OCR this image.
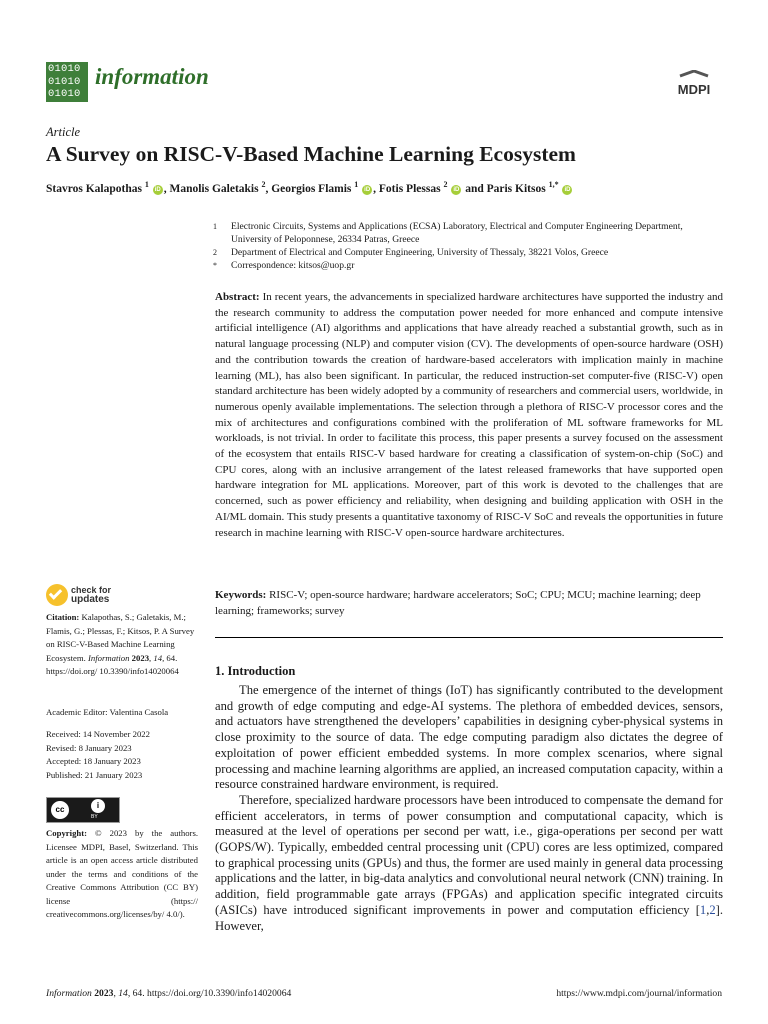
01010
01010
01010
information
MDPI
Article
A Survey on RISC-V-Based Machine Learning Ecosystem
Stavros Kalapothas $^1$ iD , Manolis Galetakis $^2$, Georgios Flamis $^1$ iD , Fotis Plessas $^2$ iD and Paris Kitsos $^{1,*}$ iD
1	Electronic Circuits, Systems and Applications (ECSA) Laboratory, Electrical and Computer Engineering Department, University of Peloponnese, 26334 Patras, Greece
2	Department of Electrical and Computer Engineering, University of Thessaly, 38221 Volos, Greece
*	Correspondence: kitsos@uop.gr
Abstract: In recent years, the advancements in specialized hardware architectures have supported the industry and the research community to address the computation power needed for more enhanced and compute intensive artificial intelligence (AI) algorithms and applications that have already reached a substantial growth, such as in natural language processing (NLP) and computer vision (CV). The developments of open-source hardware (OSH) and the contribution towards the creation of hardware-based accelerators with implication mainly in machine learning (ML), has also been significant. In particular, the reduced instruction-set computer-five (RISC-V) open standard architecture has been widely adopted by a community of researchers and commercial users, worldwide, in numerous openly available implementations. The selection through a plethora of RISC-V processor cores and the mix of architectures and configurations combined with the proliferation of ML software frameworks for ML workloads, is not trivial. In order to facilitate this process, this paper presents a survey focused on the assessment of the ecosystem that entails RISC-V based hardware for creating a classification of system-on-chip (SoC) and CPU cores, along with an inclusive arrangement of the latest released frameworks that have supported open hardware integration for ML applications. Moreover, part of this work is devoted to the challenges that are concerned, such as power efficiency and reliability, when designing and building application with OSH in the AI/ML domain. This study presents a quantitative taxonomy of RISC-V SoC and reveals the opportunities in future research in machine learning with RISC-V open-source hardware architectures.
Keywords: RISC-V; open-source hardware; hardware accelerators; SoC; CPU; MCU; machine learning; deep learning; frameworks; survey
1. Introduction

The emergence of the internet of things (IoT) has significantly contributed to the development and growth of edge computing and edge-AI systems. The plethora of embedded devices, sensors, and actuators have strengthened the developers’ capabilities in designing cyber-physical systems in close proximity to the source of data. The edge computing paradigm also dictates the degree of exploitation of power efficient embedded systems. In more complex scenarios, where signal processing and machine learning algorithms are applied, an increased computation capacity, within a resource constrained hardware environment, is required.

Therefore, specialized hardware processors have been introduced to compensate the demand for efficient accelerators, in terms of power consumption and computational capacity, which is measured at the level of operations per second per watt, i.e., giga-operations per second per watt (GOPS/W). Typically, embedded central processing unit (CPU) cores are less optimized, compared to graphical processing units (GPUs) and thus, the former are used mainly in general data processing applications and the latter, in big-data analytics and convolutional neural network (CNN) training. In addition, field programmable gate arrays (FPGAs) and application specific integrated circuits (ASICs) have introduced significant improvements in power and computation efficiency [1,2]. However,

check for
updates
Citation: Kalapothas, S.; Galetakis, M.; Flamis, G.; Plessas, F.; Kitsos, P. A Survey on RISC-V-Based Machine Learning Ecosystem. Information 2023, 14, 64. https://doi.org/ 10.3390/info14020064
Academic Editor: Valentina Casola
Received: 14 November 2022
Revised: 8 January 2023
Accepted: 18 January 2023
Published: 21 January 2023
cc	i
BY
Copyright: © 2023 by the authors. Licensee MDPI, Basel, Switzerland. This article is an open access article distributed under the terms and conditions of the Creative Commons Attribution (CC BY) license (https:// creativecommons.org/licenses/by/ 4.0/).
Information 2023, 14, 64. https://doi.org/10.3390/info14020064	https://www.mdpi.com/journal/information
